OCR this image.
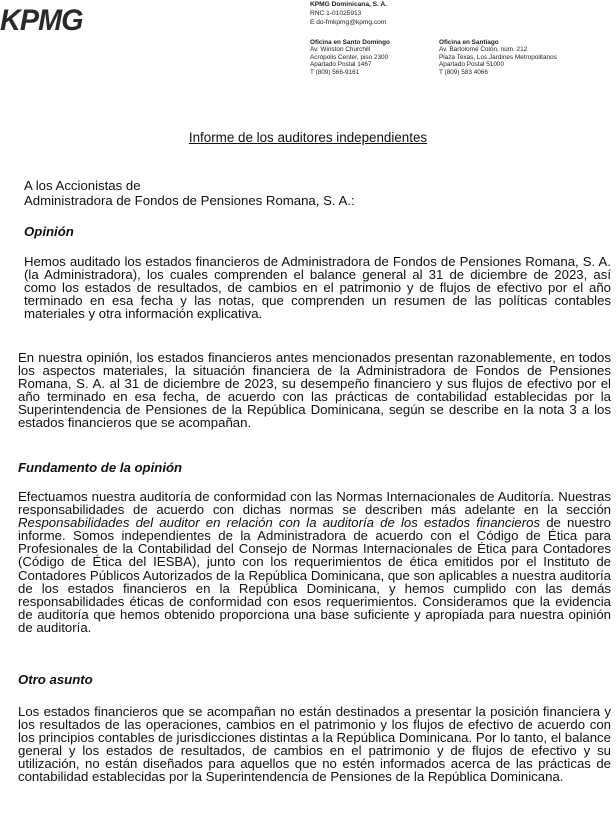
KPMG	KPMG Dominicana, S. A.
RNC 1-01025913
E do-fmkpmg@kpmg.com
Oficina en Santo Domingo
Av. Winston Churchill
Acrópolis Center, piso 2300
Apartado Postal 1467
T (809) 566-9161
Oficina en Santiago
Av. Bartolomé Colón, núm. 212
Plaza Texas, Los Jardines Metropolitanos
Apartado Postal 51000
T (809) 583 4066
Informe de los auditores independientes
A los Accionistas de
Administradora de Fondos de Pensiones Romana, S. A.:
Opinión
Hemos auditado los estados financieros de Administradora de Fondos de Pensiones Romana, S. A. (la Administradora), los cuales comprenden el balance general al 31 de diciembre de 2023, así como los estados de resultados, de cambios en el patrimonio y de flujos de efectivo por el año terminado en esa fecha y las notas, que comprenden un resumen de las políticas contables materiales y otra información explicativa.
En nuestra opinión, los estados financieros antes mencionados presentan razonablemente, en todos los aspectos materiales, la situación financiera de la Administradora de Fondos de Pensiones Romana, S. A. al 31 de diciembre de 2023, su desempeño financiero y sus flujos de efectivo por el año terminado en esa fecha, de acuerdo con las prácticas de contabilidad establecidas por la Superintendencia de Pensiones de la República Dominicana, según se describe en la nota 3 a los estados financieros que se acompañan.
Fundamento de la opinión
Efectuamos nuestra auditoría de conformidad con las Normas Internacionales de Auditoría. Nuestras responsabilidades de acuerdo con dichas normas se describen más adelante en la sección Responsabilidades del auditor en relación con la auditoría de los estados financieros de nuestro informe. Somos independientes de la Administradora de acuerdo con el Código de Ética para Profesionales de la Contabilidad del Consejo de Normas Internacionales de Ética para Contadores (Código de Ética del IESBA), junto con los requerimientos de ética emitidos por el Instituto de Contadores Públicos Autorizados de la República Dominicana, que son aplicables a nuestra auditoría de los estados financieros en la República Dominicana, y hemos cumplido con las demás responsabilidades éticas de conformidad con esos requerimientos. Consideramos que la evidencia de auditoría que hemos obtenido proporciona una base suficiente y apropiada para nuestra opinión de auditoría.
Otro asunto
Los estados financieros que se acompañan no están destinados a presentar la posición financiera y los resultados de las operaciones, cambios en el patrimonio y los flujos de efectivo de acuerdo con los principios contables de jurisdicciones distintas a la República Dominicana. Por lo tanto, el balance general y los estados de resultados, de cambios en el patrimonio y de flujos de efectivo y su utilización, no están diseñados para aquellos que no estén informados acerca de las prácticas de contabilidad establecidas por la Superintendencia de Pensiones de la República Dominicana.
